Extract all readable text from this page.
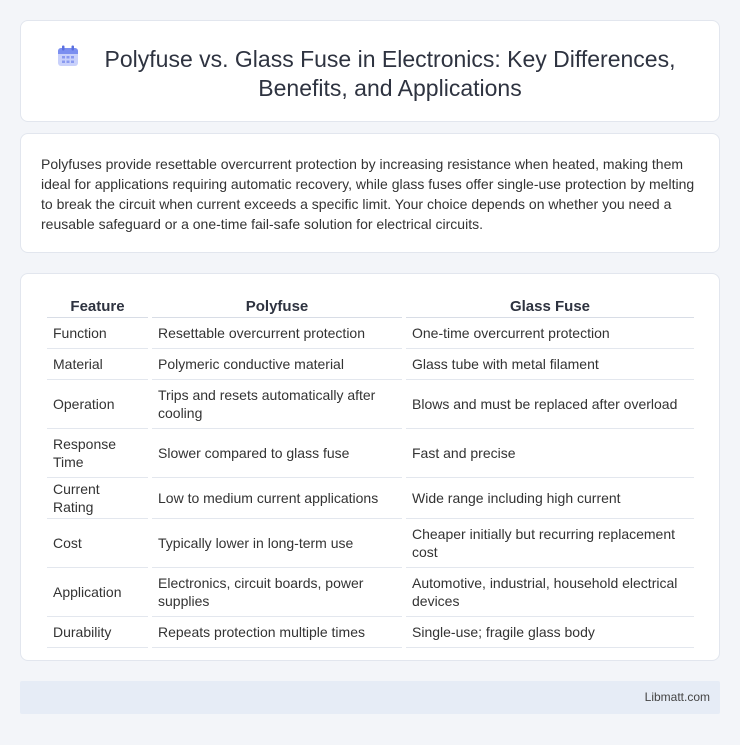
Polyfuse vs. Glass Fuse in Electronics: Key Differences, Benefits, and Applications

Polyfuses provide resettable overcurrent protection by increasing resistance when heated, making them ideal for applications requiring automatic recovery, while glass fuses offer single-use protection by melting to break the circuit when current exceeds a specific limit. Your choice depends on whether you need a reusable safeguard or a one-time fail-safe solution for electrical circuits.

Feature	Polyfuse	Glass Fuse
Function	Resettable overcurrent protection	One-time overcurrent protection
Material	Polymeric conductive material	Glass tube with metal filament
Operation	Trips and resets automatically after cooling	Blows and must be replaced after overload
Response Time	Slower compared to glass fuse	Fast and precise
Current Rating	Low to medium current applications	Wide range including high current
Cost	Typically lower in long-term use	Cheaper initially but recurring replacement cost
Application	Electronics, circuit boards, power supplies	Automotive, industrial, household electrical devices
Durability	Repeats protection multiple times	Single-use; fragile glass body
Libmatt.com
